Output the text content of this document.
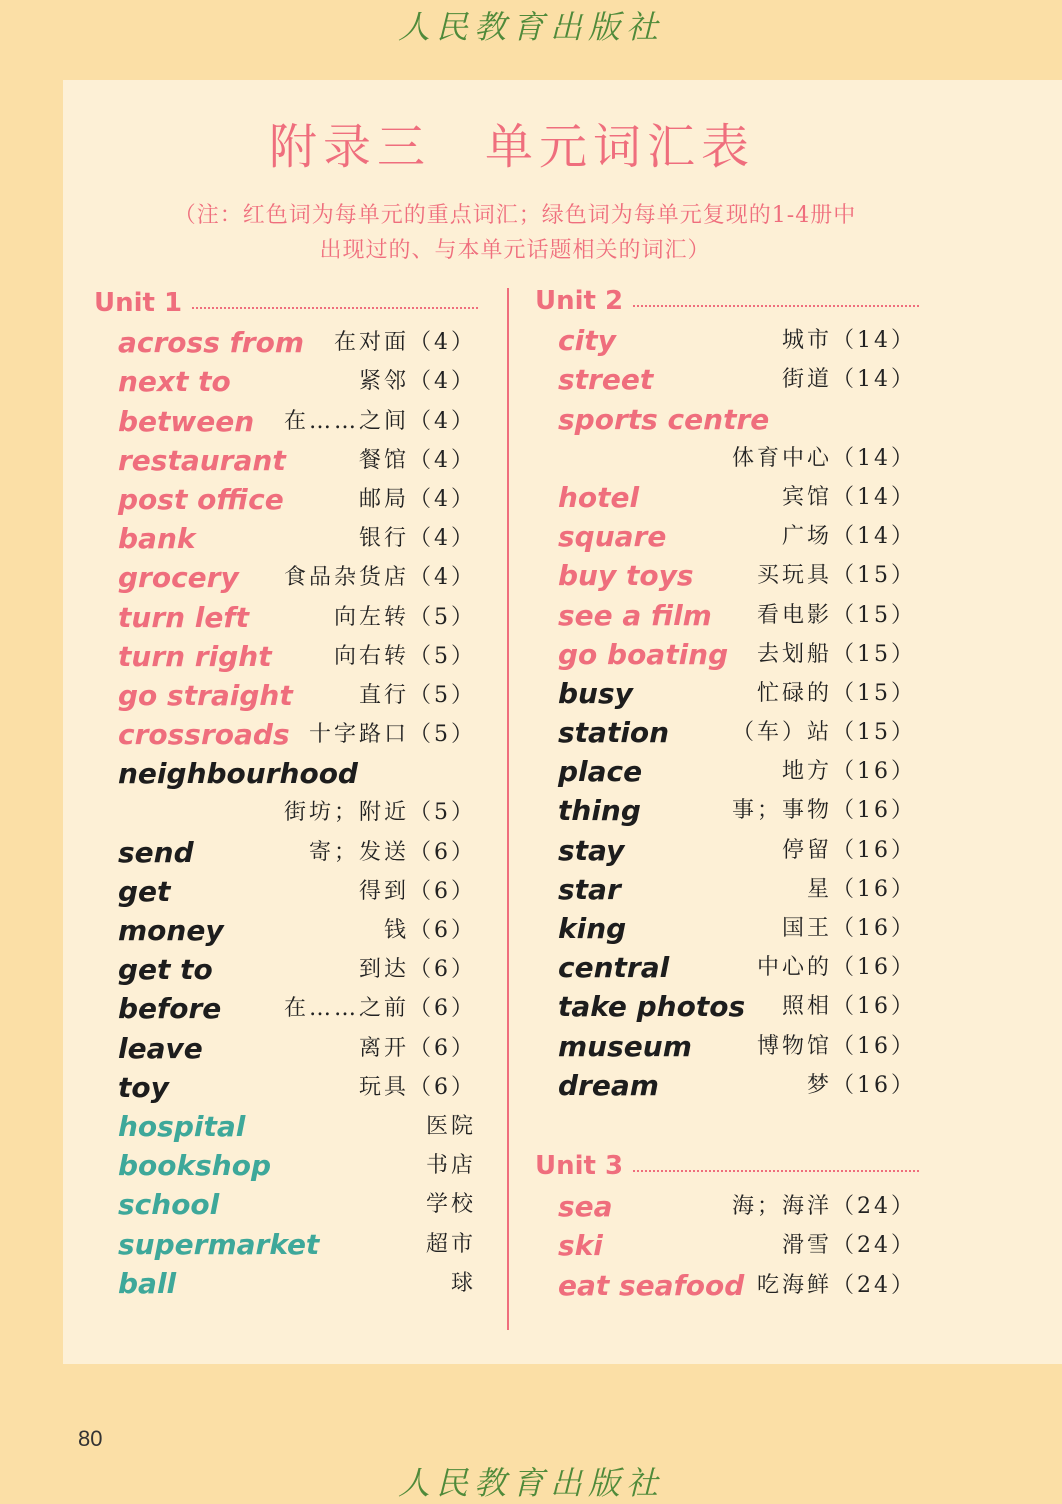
人民教育出版社
附录三　单元词汇表
（注：红色词为每单元的重点词汇；绿色词为每单元复现的1-4册中
出现过的、与本单元话题相关的词汇）
Unit 1	Unit 2
Unit 3
across from 在对面（4）
next to	紧邻（4）
between 在……之间（4）
restaurant	餐馆（4）
post office	邮局（4）
bank	银行（4）
grocery 食品杂货店（4）
turn left	向左转（5）
turn right	向右转（5）
go straight	直行（5）
crossroads 十字路口（5）
neighbourhood
街坊；附近（5）
send	寄；发送（6）
get	得到（6）
money	钱（6）
get to	到达（6）
before	在……之前（6）
leave	离开（6）
toy	玩具（6）
hospital	医院
bookshop	书店
school	学校
supermarket	超市
ball	球
city	城市（14）
street	街道（14）
sports centre
体育中心（14）
hotel	宾馆（14）
square	广场（14）
buy toys	买玩具（15）
see a film 看电影（15）
go boating 去划船（15）
busy	忙碌的（15）
station	（车）站（15）
place	地方（16）
thing	事；事物（16）
stay	停留（16）
star	星（16）
king	国王（16）
central	中心的（16）
take photos 照相（16）
museum	博物馆（16）
dream	梦（16）
sea	海；海洋（24）
ski	滑雪（24）
eat seafood 吃海鲜（24）
80
人民教育出版社
